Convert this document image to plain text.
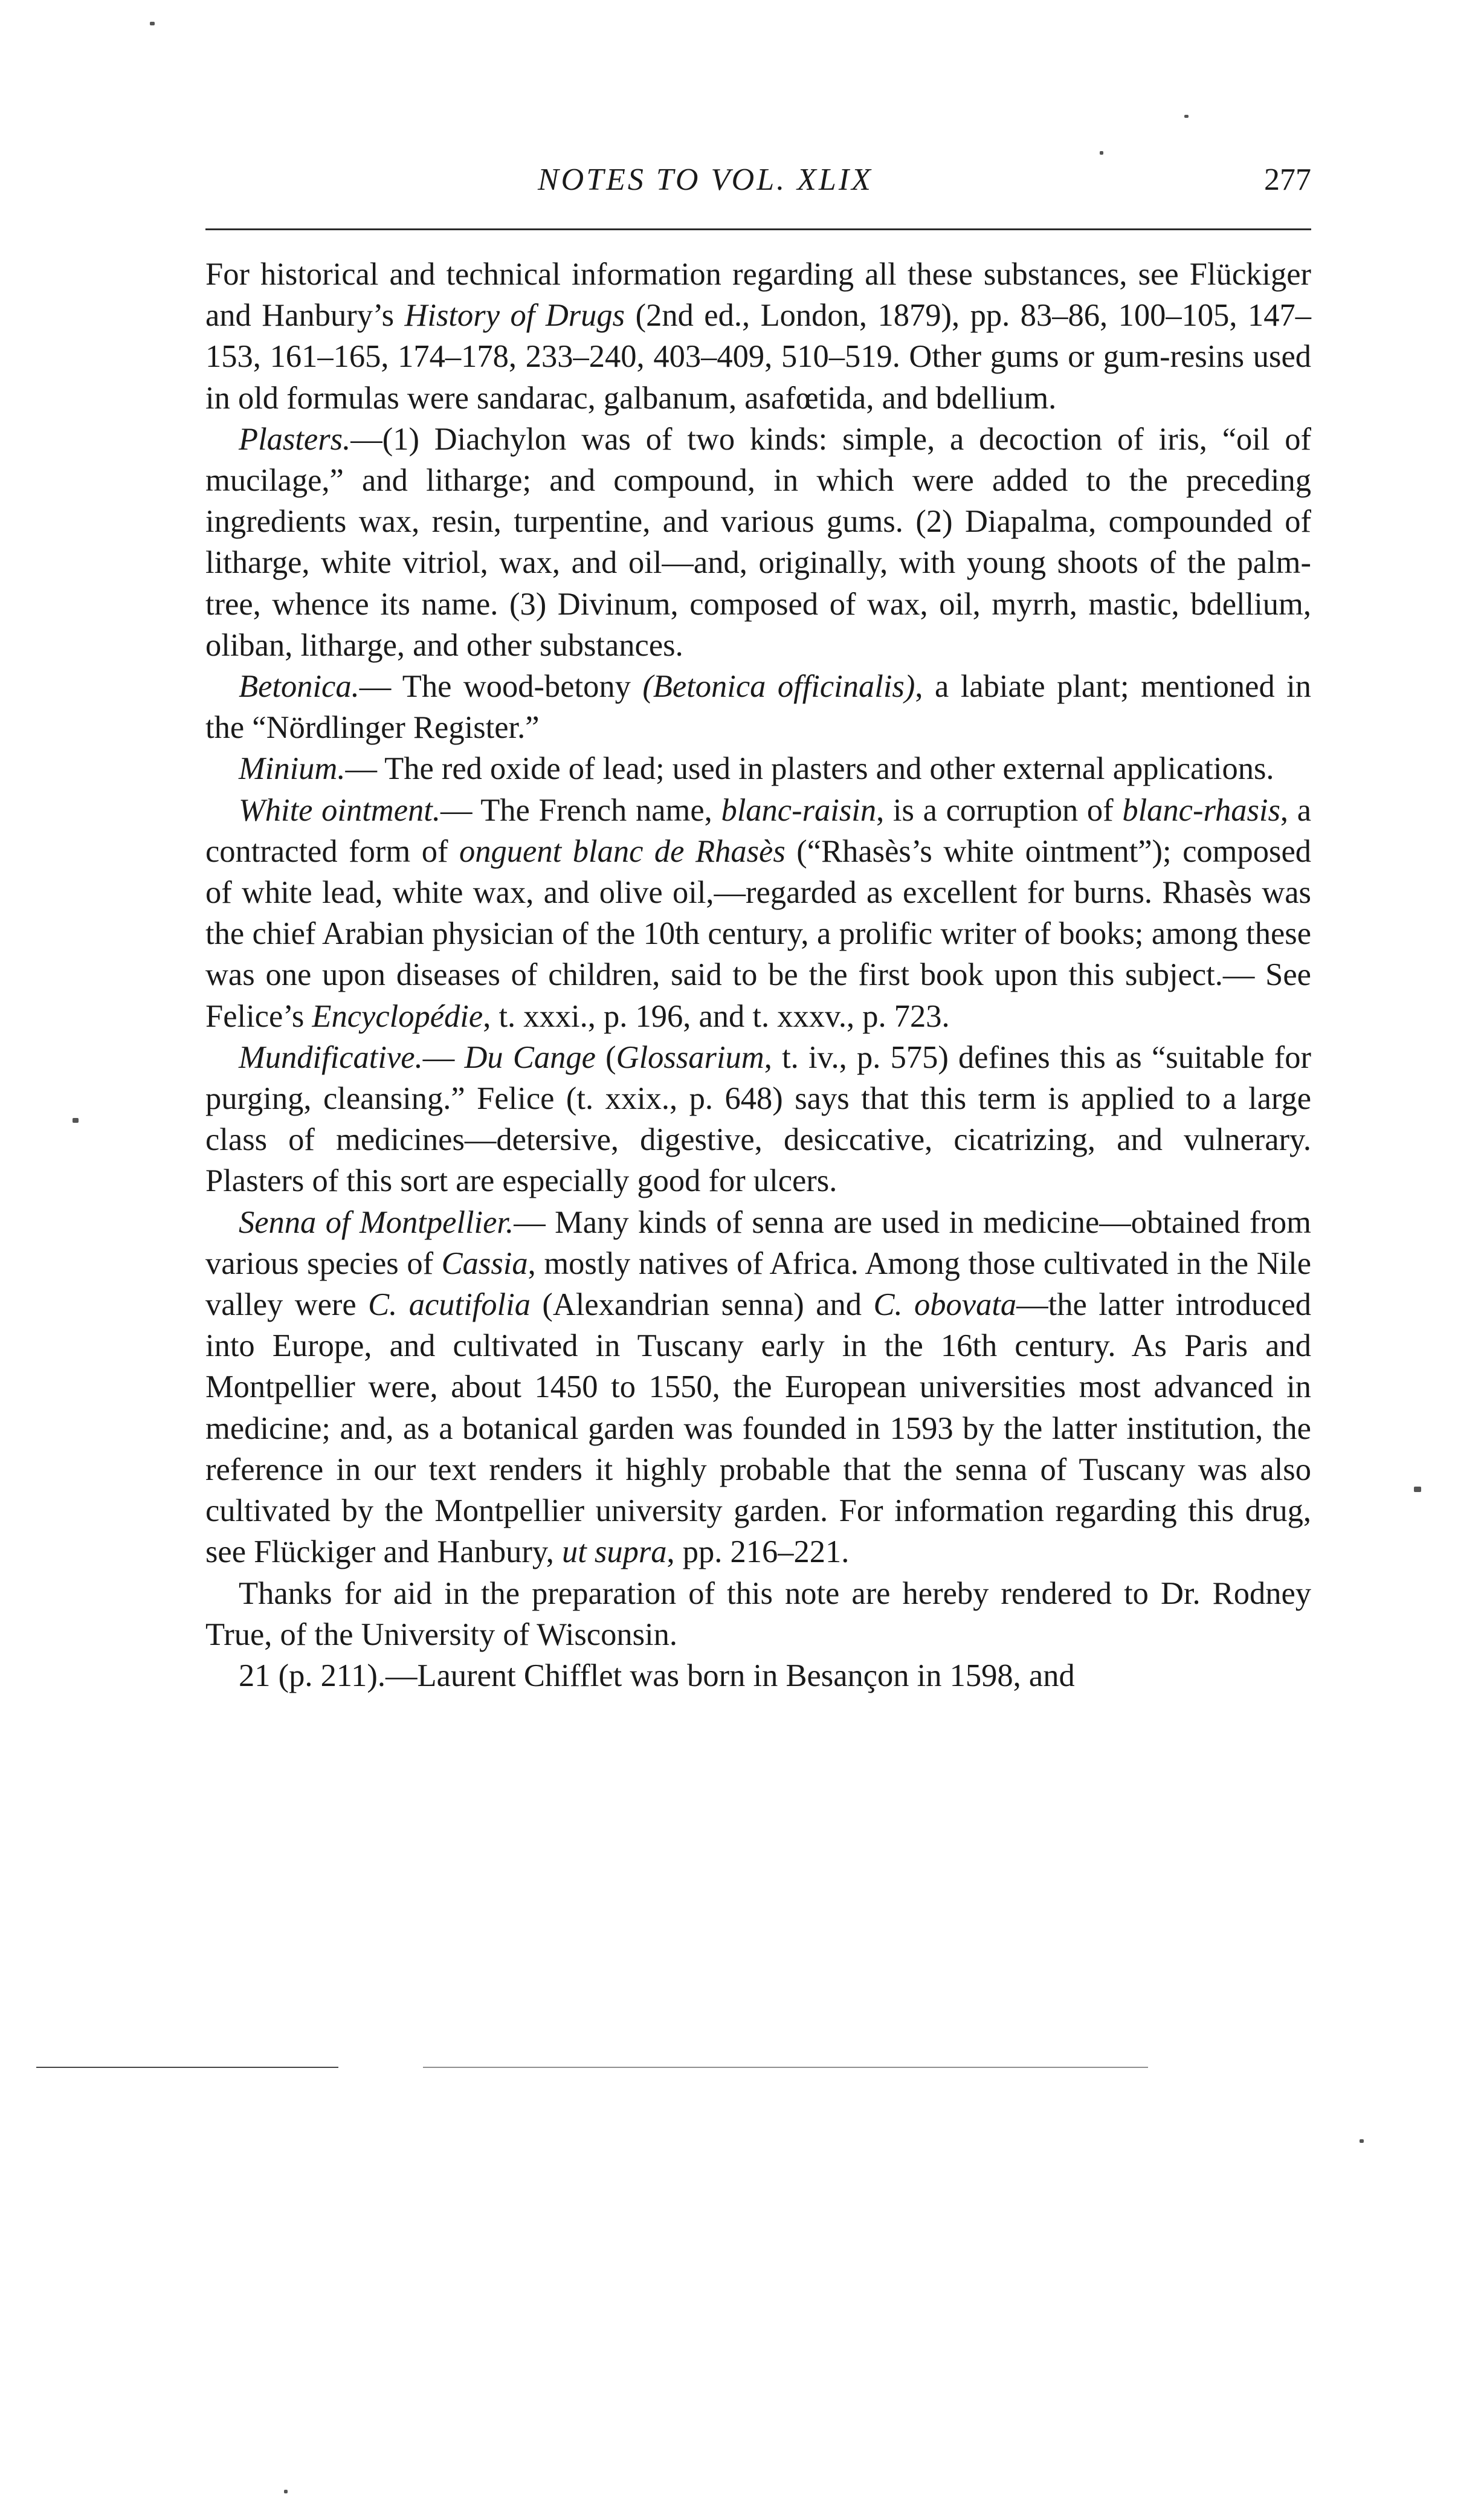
NOTES TO VOL. XLIX	277

For historical and technical information regarding all these substances, see Flückiger and Hanbury’s History of Drugs (2nd ed., London, 1879), pp. 83–86, 100–105, 147–153, 161–165, 174–178, 233–240, 403–409, 510–519. Other gums or gum-resins used in old formulas were sandarac, galbanum, asafœtida, and bdellium.

Plasters.—(1) Diachylon was of two kinds: simple, a decoction of iris, “oil of mucilage,” and litharge; and compound, in which were added to the preceding ingredients wax, resin, turpentine, and various gums. (2) Diapalma, compounded of litharge, white vitriol, wax, and oil—and, originally, with young shoots of the palm-tree, whence its name. (3) Divinum, composed of wax, oil, myrrh, mastic, bdellium, oliban, litharge, and other substances.

Betonica.— The wood-betony (Betonica officinalis), a labiate plant; mentioned in the “Nördlinger Register.”

Minium.— The red oxide of lead; used in plasters and other external applications.

White ointment.— The French name, blanc-raisin, is a corruption of blanc-rhasis, a contracted form of onguent blanc de Rhasès (“Rhasès’s white ointment”); composed of white lead, white wax, and olive oil,—regarded as excellent for burns. Rhasès was the chief Arabian physician of the 10th century, a prolific writer of books; among these was one upon diseases of children, said to be the first book upon this subject.— See Felice’s Encyclopédie, t. xxxi., p. 196, and t. xxxv., p. 723.

Mundificative.— Du Cange (Glossarium, t. iv., p. 575) defines this as “suitable for purging, cleansing.” Felice (t. xxix., p. 648) says that this term is applied to a large class of medicines—detersive, digestive, desiccative, cicatrizing, and vulnerary. Plasters of this sort are especially good for ulcers.

Senna of Montpellier.— Many kinds of senna are used in medicine—obtained from various species of Cassia, mostly natives of Africa. Among those cultivated in the Nile valley were C. acutifolia (Alexandrian senna) and C. obovata—the latter introduced into Europe, and cultivated in Tuscany early in the 16th century. As Paris and Montpellier were, about 1450 to 1550, the European universities most advanced in medicine; and, as a botanical garden was founded in 1593 by the latter institution, the reference in our text renders it highly probable that the senna of Tuscany was also cultivated by the Montpellier university garden. For information regarding this drug, see Flückiger and Hanbury, ut supra, pp. 216–221.

Thanks for aid in the preparation of this note are hereby rendered to Dr. Rodney True, of the University of Wisconsin.

21 (p. 211).—Laurent Chifflet was born in Besançon in 1598, and
